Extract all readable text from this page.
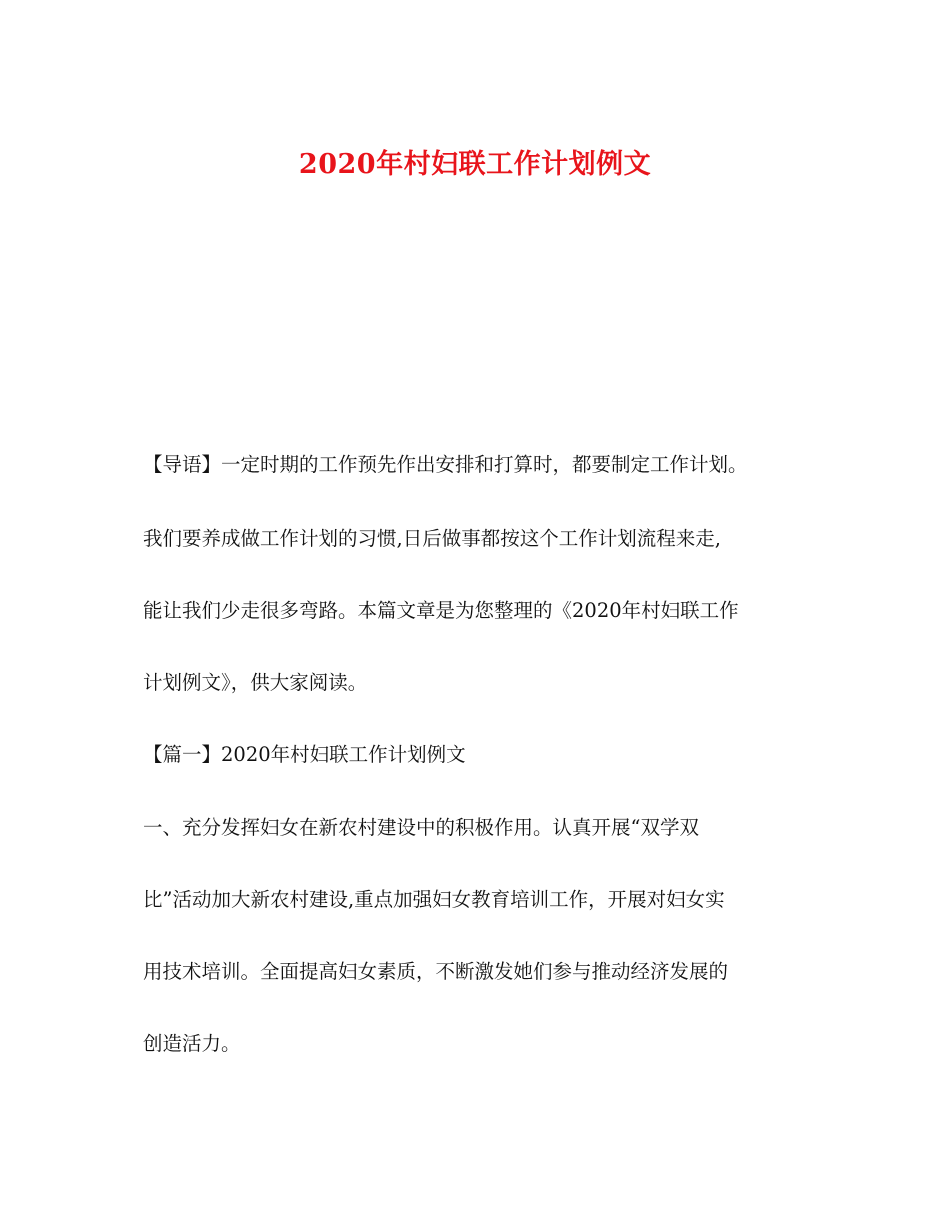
2020年村妇联工作计划例文
【导语】一定时期的工作预先作出安排和打算时，都要制定工作计划。
我们要养成做工作计划的习惯,日后做事都按这个工作计划流程来走,
能让我们少走很多弯路。本篇文章是为您整理的《2020年村妇联工作
计划例文》，供大家阅读。
【篇一】2020年村妇联工作计划例文
一、充分发挥妇女在新农村建设中的积极作用。认真开展“双学双
比”活动加大新农村建设,重点加强妇女教育培训工作，开展对妇女实
用技术培训。全面提高妇女素质，不断激发她们参与推动经济发展的
创造活力。
